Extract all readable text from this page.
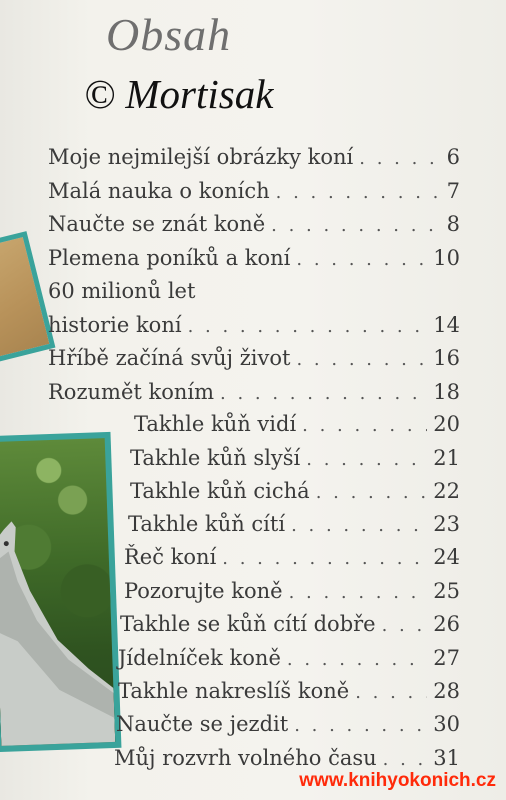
Obsah
© Mortisak
Moje nejmilejší obrázky koní . . .	6
Malá nauka o koních . . .	7
Naučte se znát koně . . .	8
Plemena poníků a koní . . .	10
60 milionů let
historie koní . . .	14
Hříbě začíná svůj život . . .	16
Rozumět koním . . .	18
Takhle kůň vidí . . .	20
Takhle kůň slyší . . .	21
Takhle kůň cichá . . .	22
Takhle kůň cítí . . .	23
Řeč koní . . .	24
Pozorujte koně . . .	25
Takhle se kůň cítí dobře . . .	26
Jídelníček koně . . .	27
Takhle nakreslíš koně . . .	28
Naučte se jezdit . . .	30
Můj rozvrh volného času . . .	31
www.knihyokonich.cz
